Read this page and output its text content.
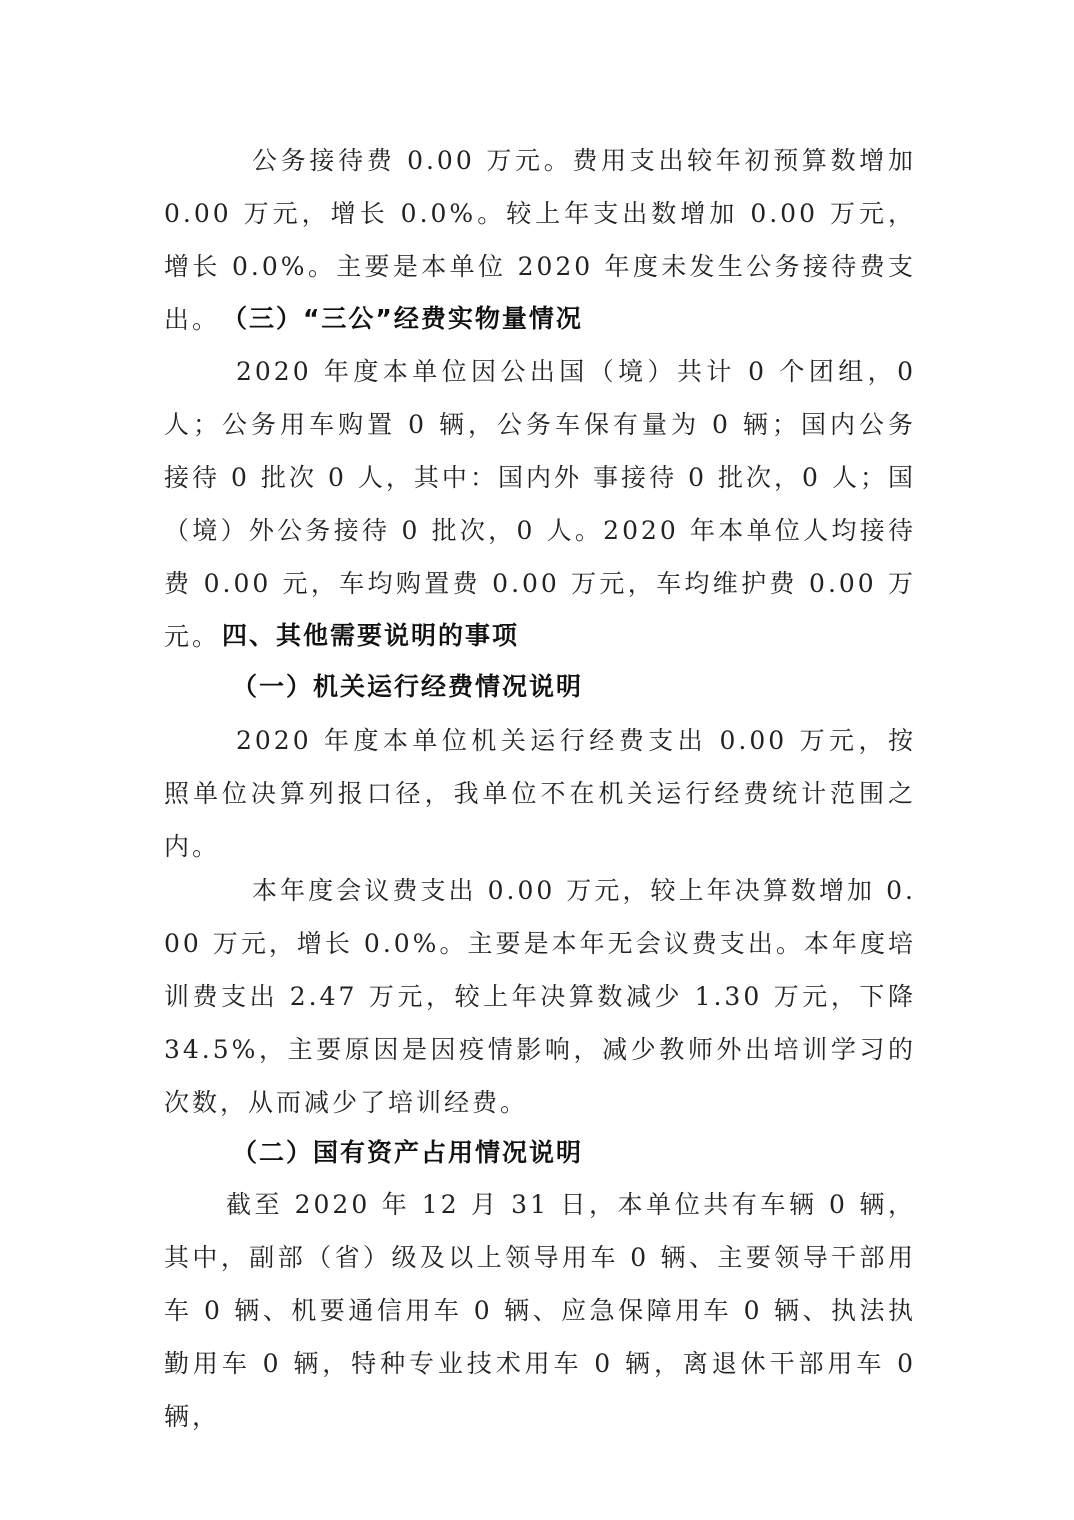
公务接待费 0.00 万元。费用支出较年初预算数增加 0.00 万元，增长 0.0%。较上年支出数增加 0.00 万元，增长 0.0%。主要是本单位 2020 年度未发生公务接待费支出。 （三）“三公”经费实物量情况

2020 年度本单位因公出国（境）共计 0 个团组，0 人；公务用车购置 0 辆，公务车保有量为 0 辆；国内公务接待 0 批次 0 人，其中：国内外 事接待 0 批次，0 人；国（境）外公务接待 0 批次，0 人。2020 年本单位人均接待费 0.00 元，车均购置费 0.00 万元，车均维护费 0.00 万元。 四、其他需要说明的事项
（一）机关运行经费情况说明

2020 年度本单位机关运行经费支出 0.00 万元，按照单位决算列报口径，我单位不在机关运行经费统计范围之内。

本年度会议费支出 0.00 万元，较上年决算数增加 0.00 万元，增长 0.0%。主要是本年无会议费支出。本年度培训费支出 2.47 万元，较上年决算数减少 1.30 万元，下降 34.5%，主要原因是因疫情影响，减少教师外出培训学习的次数，从而减少了培训经费。

（二）国有资产占用情况说明

截至 2020 年 12 月 31 日，本单位共有车辆 0 辆，其中，副部（省）级及以上领导用车 0 辆、主要领导干部用车 0 辆、机要通信用车 0 辆、应急保障用车 0 辆、执法执勤用车 0 辆，特种专业技术用车 0 辆，离退休干部用车 0 辆，
